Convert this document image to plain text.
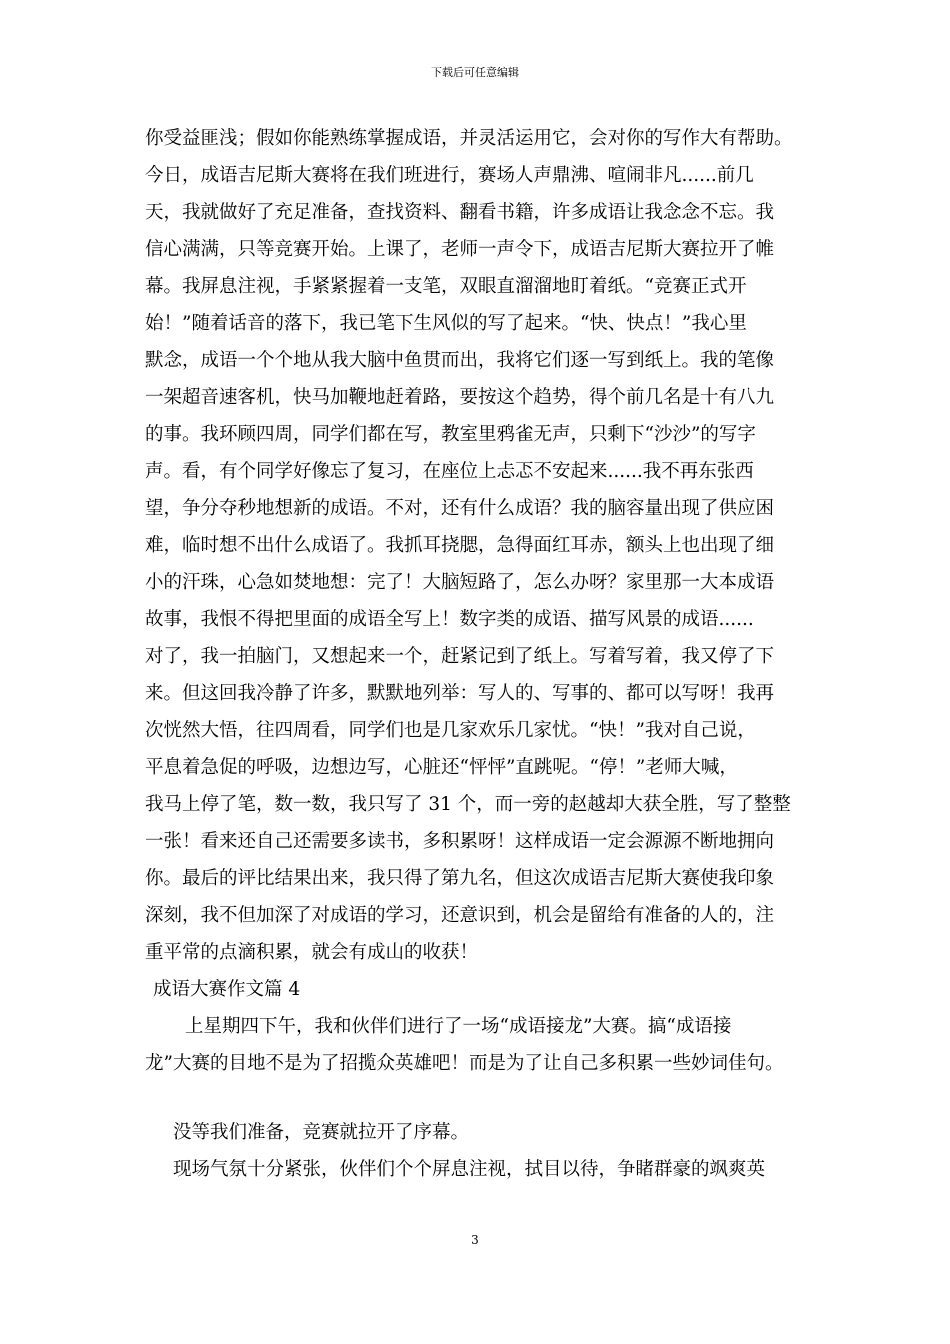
下载后可任意编辑
你受益匪浅；假如你能熟练掌握成语，并灵活运用它，会对你的写作大有帮助。
今日，成语吉尼斯大赛将在我们班进行，赛场人声鼎沸、喧闹非凡......前几
天，我就做好了充足准备，查找资料、翻看书籍，许多成语让我念念不忘。我
信心满满，只等竞赛开始。上课了，老师一声令下，成语吉尼斯大赛拉开了帷
幕。我屏息注视，手紧紧握着一支笔，双眼直溜溜地盯着纸。“竞赛正式开
始！”随着话音的落下，我已笔下生风似的写了起来。“快、快点！”我心里
默念，成语一个个地从我大脑中鱼贯而出，我将它们逐一写到纸上。我的笔像
一架超音速客机，快马加鞭地赶着路，要按这个趋势，得个前几名是十有八九
的事。我环顾四周，同学们都在写，教室里鸦雀无声，只剩下“沙沙”的写字
声。看，有个同学好像忘了复习，在座位上忐忑不安起来......我不再东张西
望，争分夺秒地想新的成语。不对，还有什么成语？我的脑容量出现了供应困
难，临时想不出什么成语了。我抓耳挠腮，急得面红耳赤，额头上也出现了细
小的汗珠，心急如焚地想：完了！大脑短路了，怎么办呀？家里那一大本成语
故事，我恨不得把里面的成语全写上！数字类的成语、描写风景的成语......
对了，我一拍脑门，又想起来一个，赶紧记到了纸上。写着写着，我又停了下
来。但这回我冷静了许多，默默地列举：写人的、写事的、都可以写呀！我再
次恍然大悟，往四周看，同学们也是几家欢乐几家忧。“快！”我对自己说，
平息着急促的呼吸，边想边写，心脏还“怦怦”直跳呢。“停！”老师大喊，
我马上停了笔，数一数，我只写了 31 个，而一旁的赵越却大获全胜，写了整整
一张！看来还自己还需要多读书，多积累呀！这样成语一定会源源不断地拥向
你。最后的评比结果出来，我只得了第九名，但这次成语吉尼斯大赛使我印象
深刻，我不但加深了对成语的学习，还意识到，机会是留给有准备的人的，注
重平常的点滴积累，就会有成山的收获！
成语大赛作文篇 4
上星期四下午，我和伙伴们进行了一场“成语接龙”大赛。搞“成语接
龙”大赛的目地不是为了招揽众英雄吧！而是为了让自己多积累一些妙词佳句。
没等我们准备，竞赛就拉开了序幕。
现场气氛十分紧张，伙伴们个个屏息注视，拭目以待，争睹群豪的飒爽英
3
